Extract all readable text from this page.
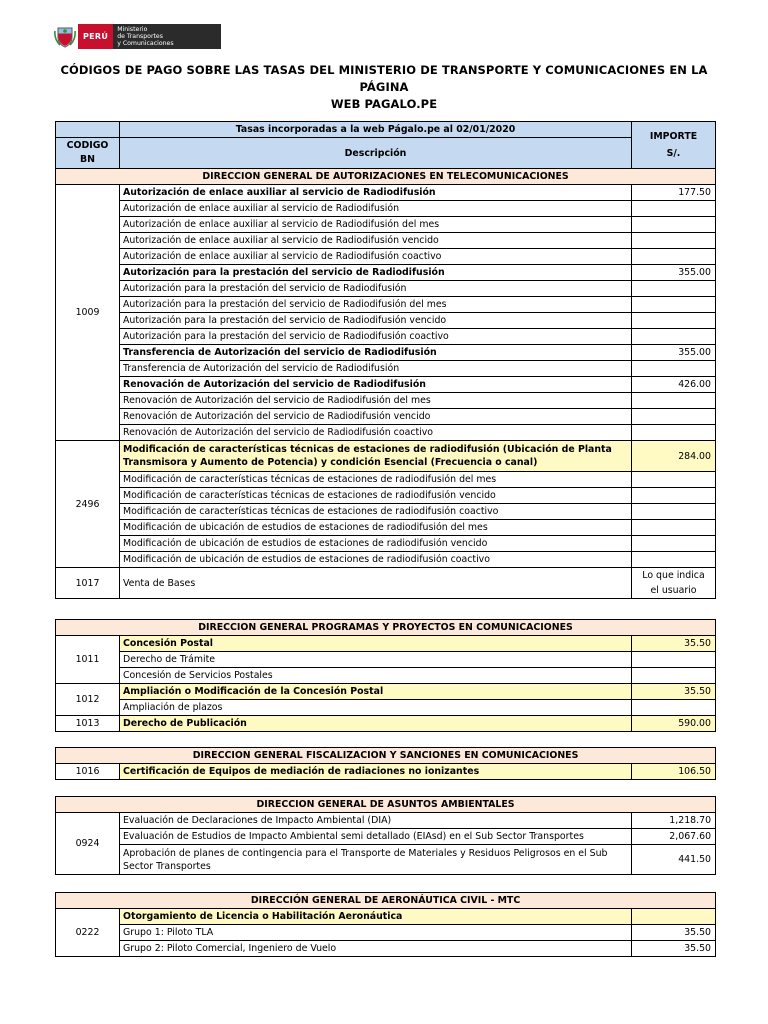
PERÚ
Ministerio
de Transportes
y Comunicaciones
CÓDIGOS DE PAGO SOBRE LAS TASAS DEL MINISTERIO DE TRANSPORTE Y COMUNICACIONES EN LA PÁGINA
WEB PAGALO.PE
	Tasas incorporadas a la web Págalo.pe al 02/01/2020	IMPORTE
S/.

CODIGO
BN	Descripción	
DIRECCION GENERAL DE AUTORIZACIONES EN TELECOMUNICACIONES		
1009	Autorización de enlace auxiliar al servicio de Radiodifusión	177.50
	Autorización de enlace auxiliar al servicio de Radiodifusión	
	Autorización de enlace auxiliar al servicio de Radiodifusión del mes	
	Autorización de enlace auxiliar al servicio de Radiodifusión vencido	
	Autorización de enlace auxiliar al servicio de Radiodifusión coactivo	
	Autorización para la prestación del servicio de Radiodifusión	355.00
	Autorización para la prestación del servicio de Radiodifusión	
	Autorización para la prestación del servicio de Radiodifusión del mes	
	Autorización para la prestación del servicio de Radiodifusión vencido	
	Autorización para la prestación del servicio de Radiodifusión coactivo	
	Transferencia de Autorización del servicio de Radiodifusión	355.00
	Transferencia de Autorización del servicio de Radiodifusión	
	Renovación de Autorización del servicio de Radiodifusión	426.00
	Renovación de Autorización del servicio de Radiodifusión del mes	
	Renovación de Autorización del servicio de Radiodifusión vencido	
	Renovación de Autorización del servicio de Radiodifusión coactivo	
2496	Modificación de características técnicas de estaciones de radiodifusión (Ubicación de Planta Transmisora y Aumento de Potencia) y condición Esencial (Frecuencia o canal)	284.00
	Modificación de características técnicas de estaciones de radiodifusión del mes	
	Modificación de características técnicas de estaciones de radiodifusión vencido	
	Modificación de características técnicas de estaciones de radiodifusión coactivo	
	Modificación de ubicación de estudios de estaciones de radiodifusión del mes	
	Modificación de ubicación de estudios de estaciones de radiodifusión vencido	
	Modificación de ubicación de estudios de estaciones de radiodifusión coactivo	
1017	Venta de Bases	Lo que indica
el usuario
DIRECCION GENERAL PROGRAMAS Y PROYECTOS EN COMUNICACIONES		
1011	Concesión Postal	35.50
	Derecho de Trámite	
	Concesión de Servicios Postales	
1012	Ampliación o Modificación de la Concesión Postal	35.50
	Ampliación de plazos	
1013	Derecho de Publicación	590.00
DIRECCION GENERAL FISCALIZACION Y SANCIONES EN COMUNICACIONES
1016	Certificación de Equipos de mediación de radiaciones no ionizantes	106.50
DIRECCION GENERAL DE ASUNTOS AMBIENTALES		
0924	Evaluación de Declaraciones de Impacto Ambiental (DIA)	1,218.70
	Evaluación de Estudios de Impacto Ambiental semi detallado (EIAsd) en el Sub Sector Transportes	2,067.60
	Aprobación de planes de contingencia para el Transporte de Materiales y Residuos Peligrosos en el Sub Sector Transportes	441.50
DIRECCIÓN GENERAL DE AERONÁUTICA CIVIL - MTC		
0222	Otorgamiento de Licencia o Habilitación Aeronáutica	
	Grupo 1: Piloto TLA	35.50
	Grupo 2: Piloto Comercial, Ingeniero de Vuelo	35.50
